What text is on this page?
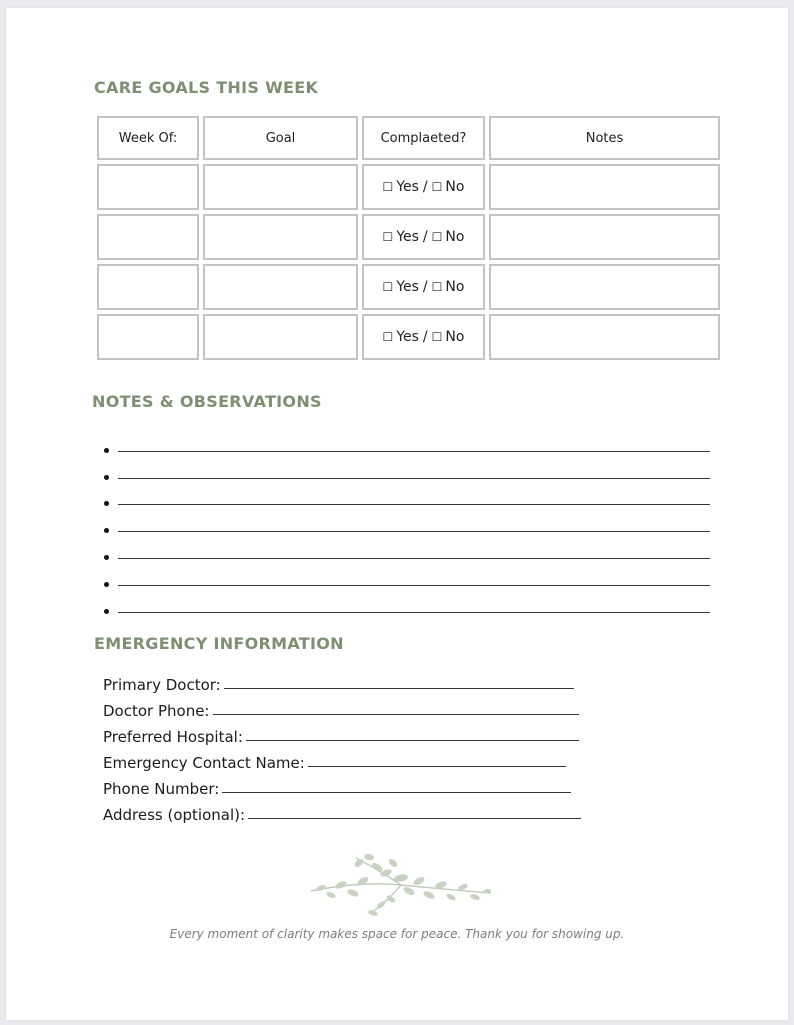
CARE GOALS THIS WEEK
Week Of:	Goal	Complaeted?	Notes
		☐ Yes / ☐ No	
		☐ Yes / ☐ No	
		☐ Yes / ☐ No	
		☐ Yes / ☐ No	
NOTES & OBSERVATIONS
EMERGENCY INFORMATION
Primary Doctor:
Doctor Phone:
Preferred Hospital:
Emergency Contact Name:
Phone Number:
Address (optional):

Every moment of clarity makes space for peace. Thank you for showing up.
